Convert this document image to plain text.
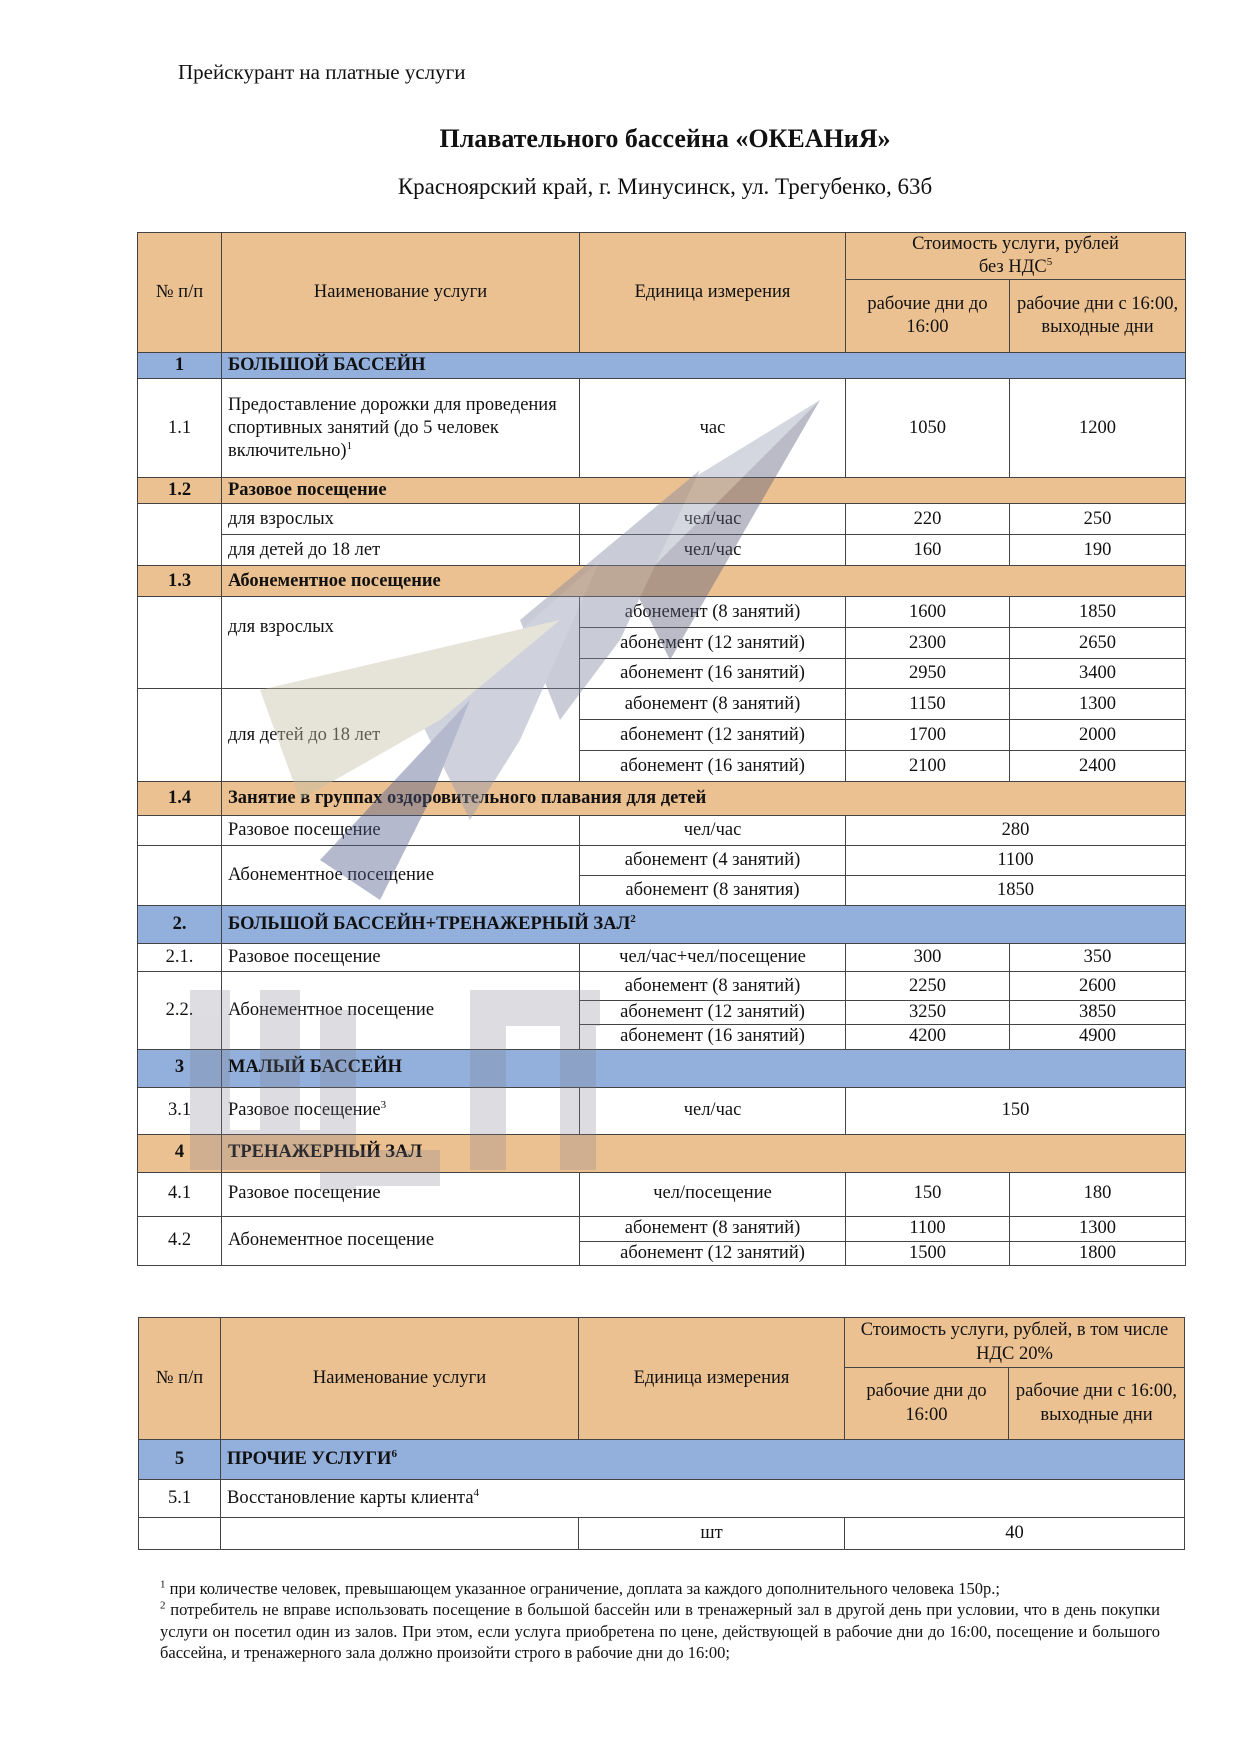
Прейскурант на платные услуги
Плавательного бассейна «ОКЕАНиЯ»
Красноярский край, г. Минусинск, ул. Трегубенко, 63б
№ п/п	Наименование услуги	Единица измерения	Стоимость услуги, рублей
без НДС$^5$
			рабочие дни до 16:00	рабочие дни с 16:00, выходные дни
1	БОЛЬШОЙ БАССЕЙН			
1.1	Предоставление дорожки для проведения спортивных занятий (до 5 человек включительно)$^1$	час	1050	1200
1.2	Разовое посещение			
	для взрослых	чел/час	220	250
	для детей до 18 лет	чел/час	160	190
1.3	Абонементное посещение			
	для взрослых	абонемент (8 занятий)	1600	1850
		абонемент (12 занятий)	2300	2650
		абонемент (16 занятий)	2950	3400
	для детей до 18 лет	абонемент (8 занятий)	1150	1300
		абонемент (12 занятий)	1700	2000
		абонемент (16 занятий)	2100	2400
1.4	Занятие в группах оздоровительного плавания для детей			
	Разовое посещение	чел/час	280	
	Абонементное посещение	абонемент (4 занятий)	1100	
		абонемент (8 занятия)	1850	
2.	БОЛЬШОЙ БАССЕЙН+ТРЕНАЖЕРНЫЙ ЗАЛ$^2$
2.1.	Разовое посещение	чел/час+чел/посещение	300	350
2.2.	Абонементное посещение	абонемент (8 занятий)	2250	2600
		абонемент (12 занятий)	3250	3850
		абонемент (16 занятий)	4200	4900
3	МАЛЫЙ БАССЕЙН			
3.1	Разовое посещение$^3$	чел/час	150	
4	ТРЕНАЖЕРНЫЙ ЗАЛ			
4.1	Разовое посещение	чел/посещение	150	180
4.2	Абонементное посещение	абонемент (8 занятий)	1100	1300
		абонемент (12 занятий)	1500	1800
№ п/п	Наименование услуги	Единица измерения	Стоимость услуги, рублей, в том числе НДС 20%	
			рабочие дни до 16:00	рабочие дни с 16:00, выходные дни
5	ПРОЧИЕ УСЛУГИ$^6$
5.1	Восстановление карты клиента$^4$
		шт	40	

$^1$ при количестве человек, превышающем указанное ограничение, доплата за каждого дополнительного человека 150р.;

$^2$ потребитель не вправе использовать посещение в большой бассейн или в тренажерный зал в другой день при условии, что в день покупки услуги он посетил один из залов. При этом, если услуга приобретена по цене, действующей в рабочие дни до 16:00, посещение и большого бассейна, и тренажерного зала должно произойти строго в рабочие дни до 16:00;
